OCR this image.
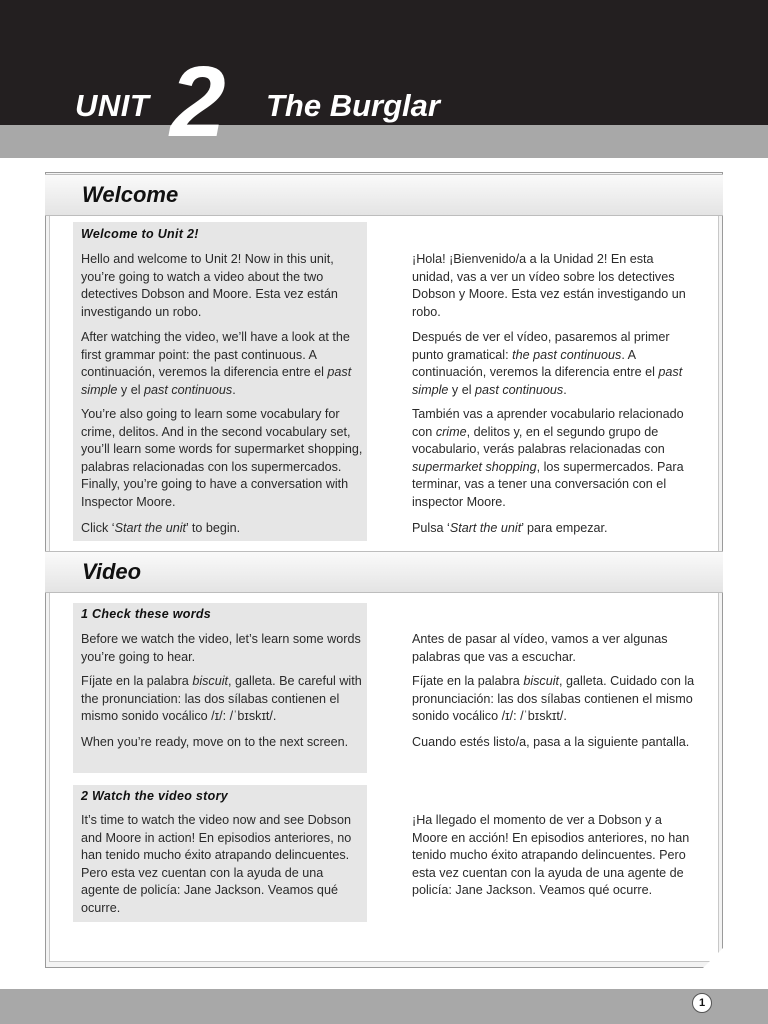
UNIT 2 The Burglar
Welcome
Welcome to Unit 2!

Hello and welcome to Unit 2! Now in this unit, you’re going to watch a video about the two detectives Dobson and Moore. Esta vez están investigando un robo.

After watching the video, we’ll have a look at the first grammar point: the past continuous. A continuación, veremos la diferencia entre el past simple y el past continuous.

You’re also going to learn some vocabulary for crime, delitos. And in the second vocabulary set, you’ll learn some words for supermarket shopping, palabras relacionadas con los supermercados. Finally, you’re going to have a conversation with Inspector Moore.

Click ‘Start the unit’ to begin.

¡Hola! ¡Bienvenido/a a la Unidad 2! En esta unidad, vas a ver un vídeo sobre los detectives Dobson y Moore. Esta vez están investigando un robo.

Después de ver el vídeo, pasaremos al primer punto gramatical: the past continuous. A continuación, veremos la diferencia entre el past simple y el past continuous.

También vas a aprender vocabulario relacionado con crime, delitos y, en el segundo grupo de vocabulario, verás palabras relacionadas con supermarket shopping, los supermercados. Para terminar, vas a tener una conversación con el inspector Moore.

Pulsa ‘Start the unit’ para empezar.

Video
1 Check these words

Before we watch the video, let’s learn some words you’re going to hear.

Fíjate en la palabra biscuit, galleta. Be careful with the pronunciation: las dos sílabas contienen el mismo sonido vocálico /ɪ/: /ˈbɪskɪt/.

When you’re ready, move on to the next screen.

Antes de pasar al vídeo, vamos a ver algunas palabras que vas a escuchar.

Fíjate en la palabra biscuit, galleta. Cuidado con la pronunciación: las dos sílabas contienen el mismo sonido vocálico /ɪ/: /ˈbɪskɪt/.

Cuando estés listo/a, pasa a la siguiente pantalla.

2 Watch the video story

It’s time to watch the video now and see Dobson and Moore in action! En episodios anteriores, no han tenido mucho éxito atrapando delincuentes. Pero esta vez cuentan con la ayuda de una agente de policía: Jane Jackson. Veamos qué ocurre.

¡Ha llegado el momento de ver a Dobson y a Moore en acción! En episodios anteriores, no han tenido mucho éxito atrapando delincuentes. Pero esta vez cuentan con la ayuda de una agente de policía: Jane Jackson. Veamos qué ocurre.

1
